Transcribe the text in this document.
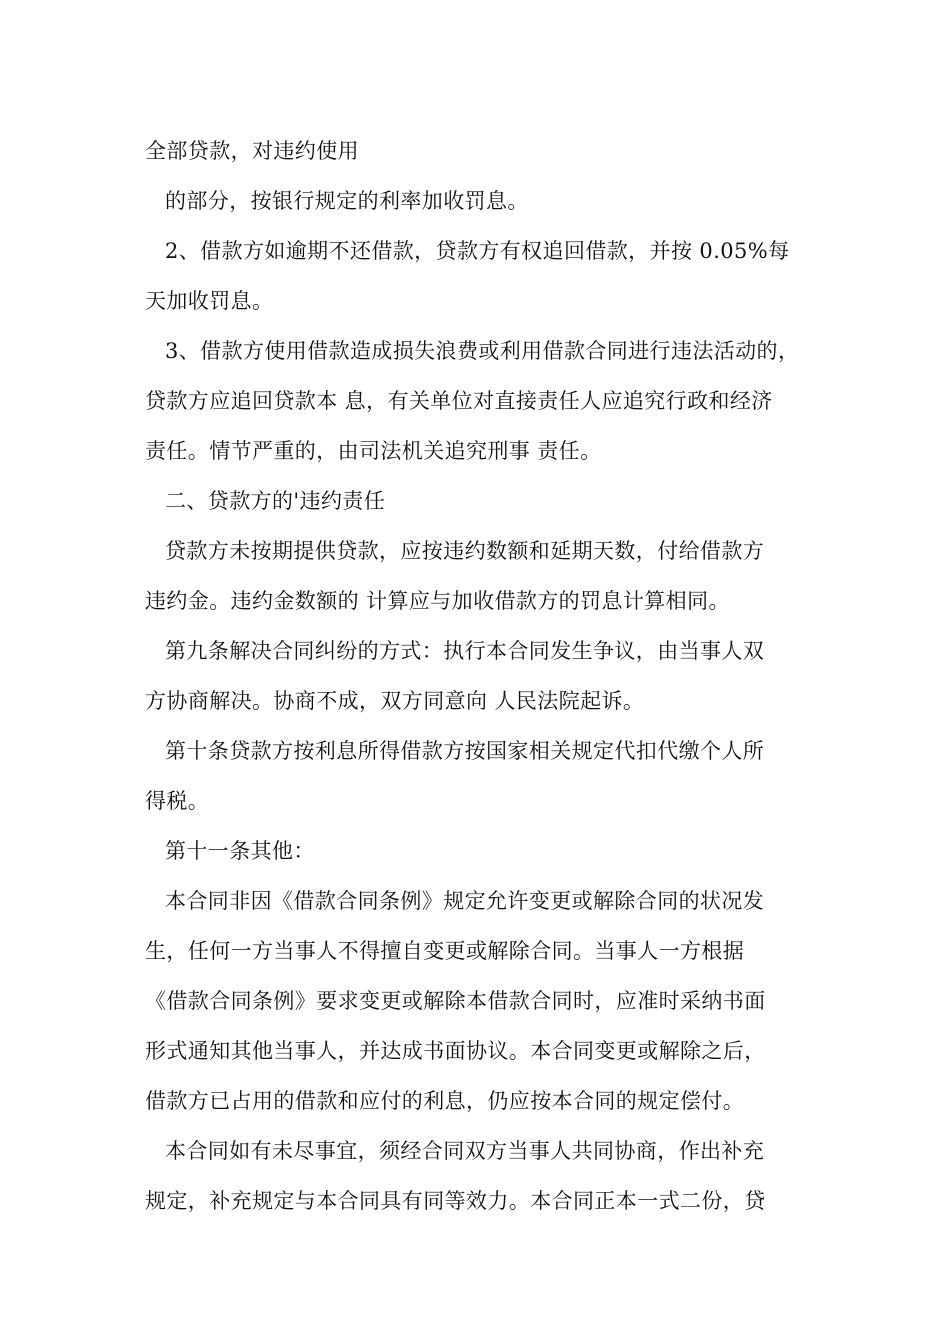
全部贷款，对违约使用
的部分，按银行规定的利率加收罚息。
2、借款方如逾期不还借款，贷款方有权追回借款，并按 0.05%每
天加收罚息。
3、借款方使用借款造成损失浪费或利用借款合同进行违法活动的，
贷款方应追回贷款本 息，有关单位对直接责任人应追究行政和经济
责任。情节严重的，由司法机关追究刑事 责任。
二、贷款方的'违约责任
贷款方未按期提供贷款，应按违约数额和延期天数，付给借款方
违约金。违约金数额的 计算应与加收借款方的罚息计算相同。
第九条解决合同纠纷的方式：执行本合同发生争议，由当事人双
方协商解决。协商不成，双方同意向 人民法院起诉。
第十条贷款方按利息所得借款方按国家相关规定代扣代缴个人所
得税。
第十一条其他：
本合同非因《借款合同条例》规定允许变更或解除合同的状况发
生，任何一方当事人不得擅自变更或解除合同。当事人一方根据
《借款合同条例》要求变更或解除本借款合同时，应准时采纳书面
形式通知其他当事人，并达成书面协议。本合同变更或解除之后，
借款方已占用的借款和应付的利息，仍应按本合同的规定偿付。
本合同如有未尽事宜，须经合同双方当事人共同协商，作出补充
规定，补充规定与本合同具有同等效力。本合同正本一式二份，贷
